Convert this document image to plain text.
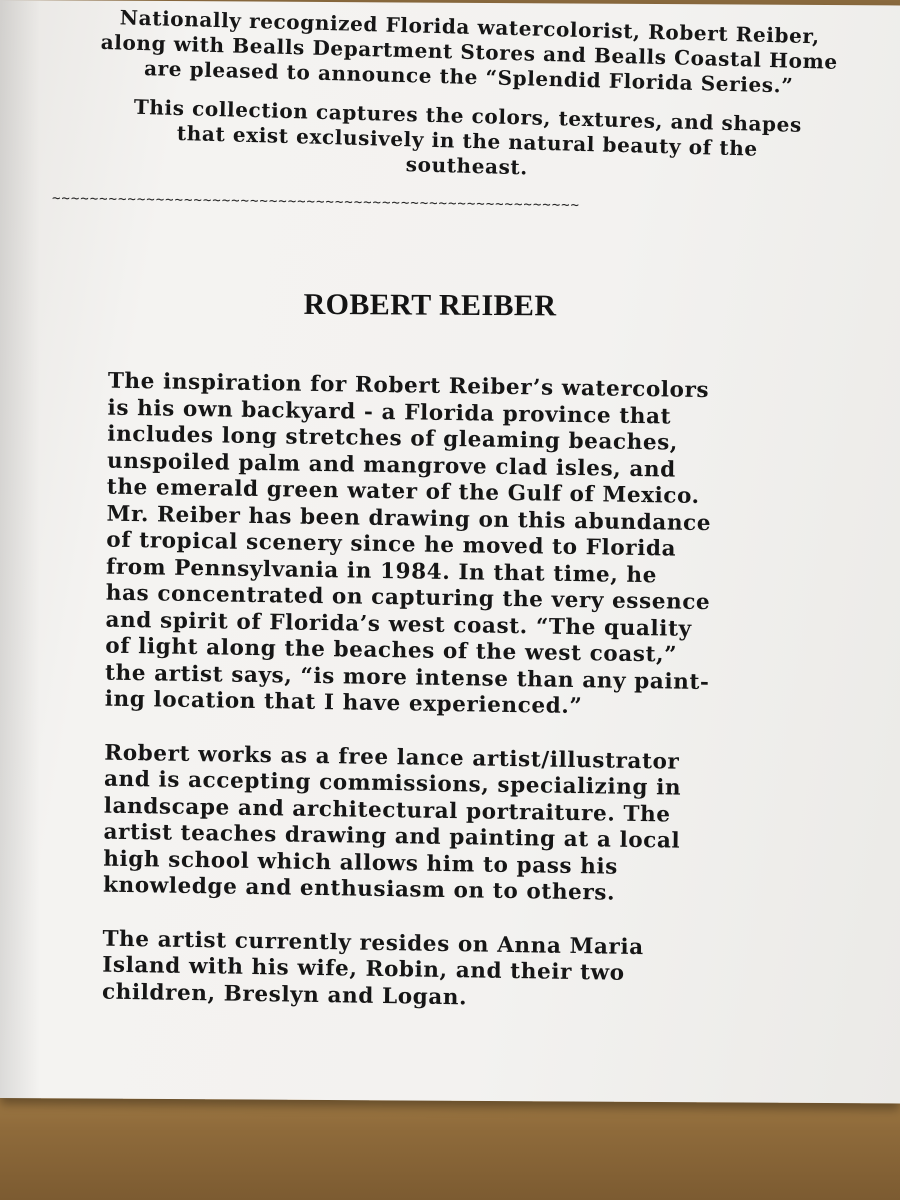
Nationally recognized Florida watercolorist, Robert Reiber,
along with Bealls Department Stores and Bealls Coastal Home
are pleased to announce the “Splendid Florida Series.”

This collection captures the colors, textures, and shapes
that exist exclusively in the natural beauty of the
southeast.

~~~~~~~~~~~~~~~~~~~~~~~~~~~~~~~~~~~~~~~~~~~~~~~~~~~~~~~~
ROBERT REIBER

The inspiration for Robert Reiber’s watercolors
is his own backyard - a Florida province that
includes long stretches of gleaming beaches,
unspoiled palm and mangrove clad isles, and
the emerald green water of the Gulf of Mexico.
Mr. Reiber has been drawing on this abundance
of tropical scenery since he moved to Florida
from Pennsylvania in 1984. In that time, he
has concentrated on capturing the very essence
and spirit of Florida’s west coast. “The quality
of light along the beaches of the west coast,”
the artist says, “is more intense than any paint-
ing location that I have experienced.”

Robert works as a free lance artist/illustrator
and is accepting commissions, specializing in
landscape and architectural portraiture. The
artist teaches drawing and painting at a local
high school which allows him to pass his
knowledge and enthusiasm on to others.

The artist currently resides on Anna Maria
Island with his wife, Robin, and their two
children, Breslyn and Logan.
